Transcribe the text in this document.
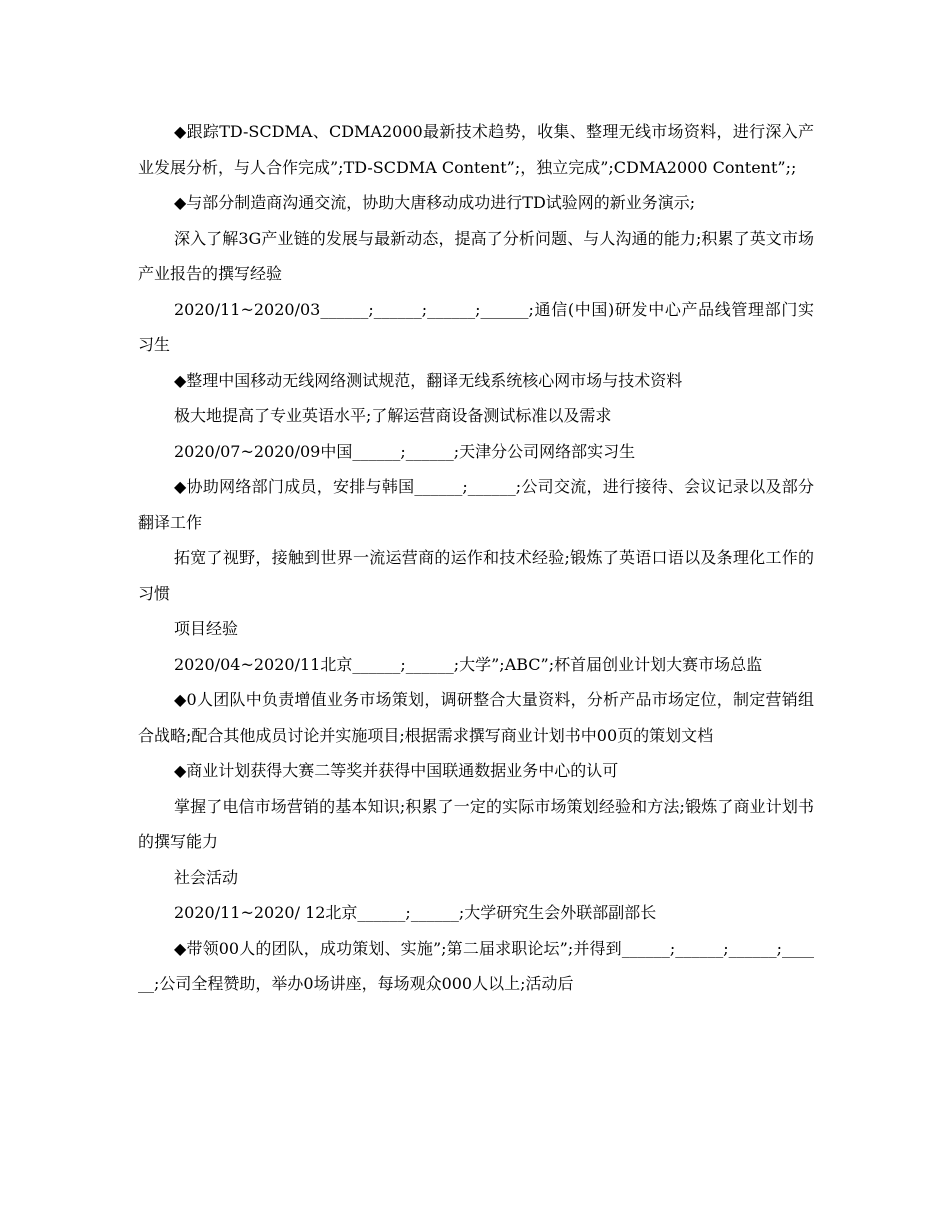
◆跟踪TD-SCDMA、CDMA2000最新技术趋势，收集、整理无线市场资料，进行深入产业发展分析，与人合作完成”;TD-SCDMA Content”;，独立完成”;CDMA2000 Content”;;

◆与部分制造商沟通交流，协助大唐移动成功进行TD试验网的新业务演示;

深入了解3G产业链的发展与最新动态，提高了分析问题、与人沟通的能力;积累了英文市场产业报告的撰写经验

2020/11~2020/03______;______;______;______;通信(中国)研发中心产品线管理部门实习生

◆整理中国移动无线网络测试规范，翻译无线系统核心网市场与技术资料

极大地提高了专业英语水平;了解运营商设备测试标准以及需求

2020/07~2020/09中国______;______;天津分公司网络部实习生

◆协助网络部门成员，安排与韩国______;______;公司交流，进行接待、会议记录以及部分翻译工作

拓宽了视野，接触到世界一流运营商的运作和技术经验;锻炼了英语口语以及条理化工作的习惯

项目经验

2020/04~2020/11北京______;______;大学”;ABC”;杯首届创业计划大赛市场总监

◆0人团队中负责增值业务市场策划，调研整合大量资料，分析产品市场定位，制定营销组合战略;配合其他成员讨论并实施项目;根据需求撰写商业计划书中00页的策划文档

◆商业计划获得大赛二等奖并获得中国联通数据业务中心的认可

掌握了电信市场营销的基本知识;积累了一定的实际市场策划经验和方法;锻炼了商业计划书的撰写能力

社会活动

2020/11~2020/ 12北京______;______;大学研究生会外联部副部长

◆带领00人的团队，成功策划、实施”;第二届求职论坛”;并得到______;______;______;______;公司全程赞助，举办0场讲座，每场观众000人以上;活动后
